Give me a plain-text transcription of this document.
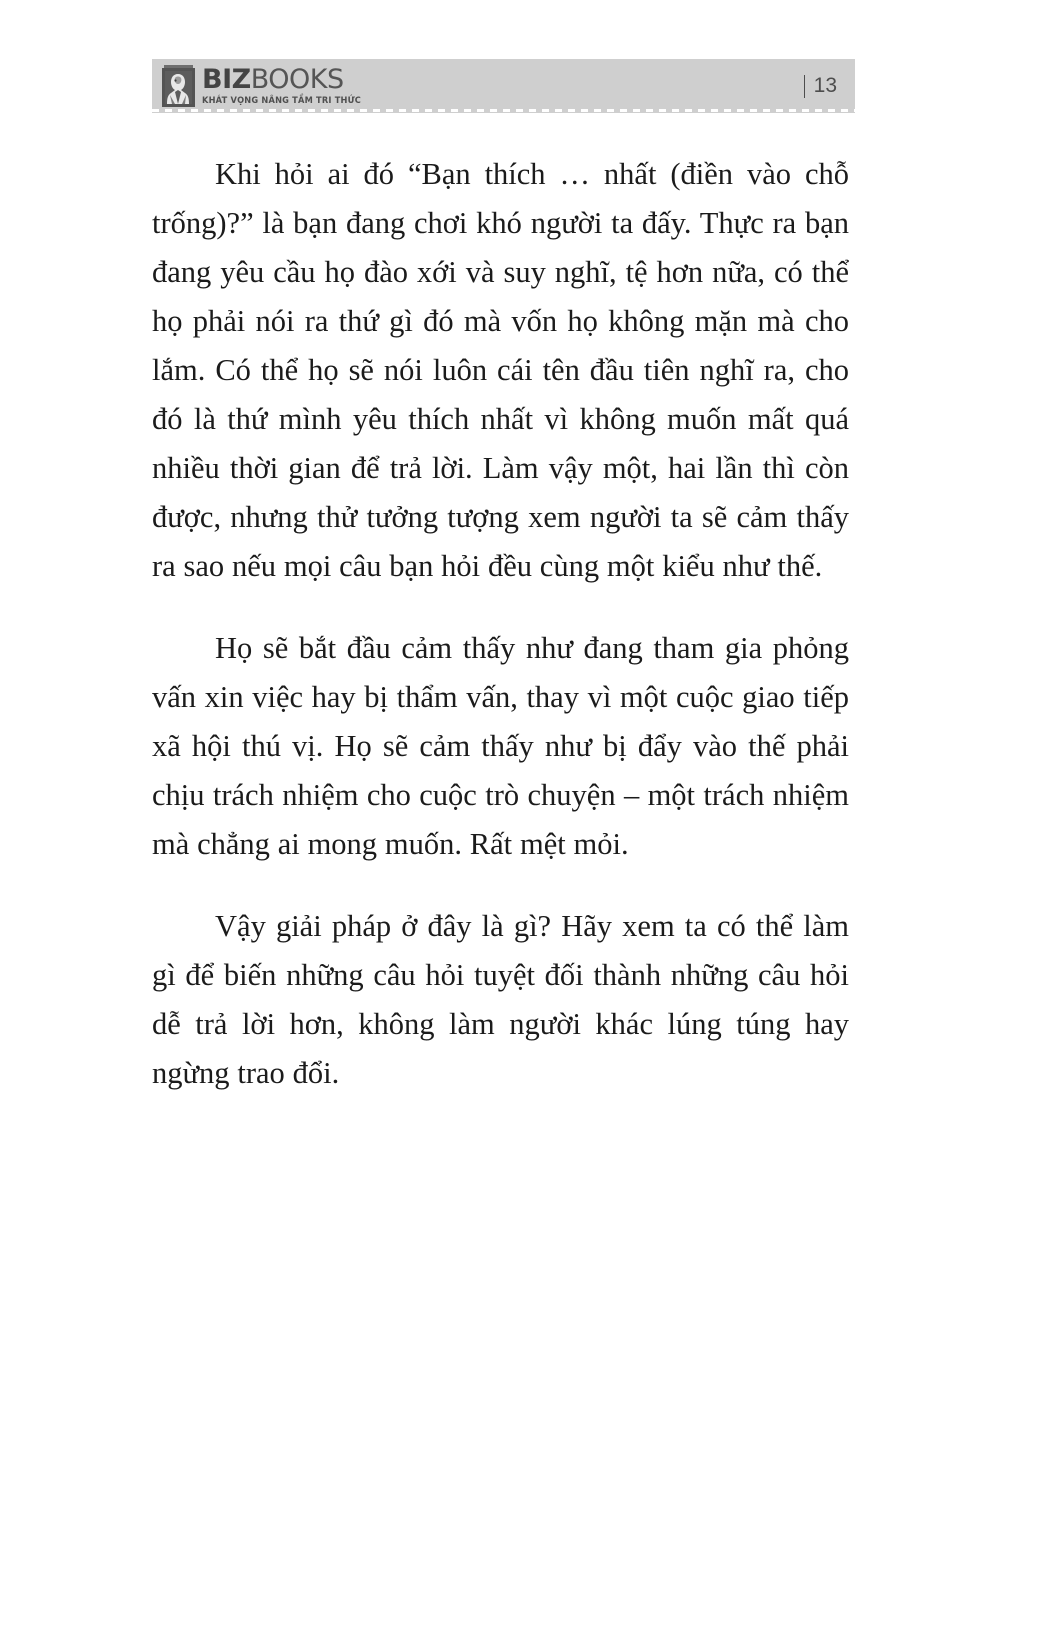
BIZBOOKS
KHÁT VỌNG NÂNG TẦM TRI THỨC
13

Khi hỏi ai đó “Bạn thích … nhất (điền vào chỗ trống)?” là bạn đang chơi khó người ta đấy. Thực ra bạn đang yêu cầu họ đào xới và suy nghĩ, tệ hơn nữa, có thể họ phải nói ra thứ gì đó mà vốn họ không mặn mà cho lắm. Có thể họ sẽ nói luôn cái tên đầu tiên nghĩ ra, cho đó là thứ mình yêu thích nhất vì không muốn mất quá nhiều thời gian để trả lời. Làm vậy một, hai lần thì còn được, nhưng thử tưởng tượng xem người ta sẽ cảm thấy ra sao nếu mọi câu bạn hỏi đều cùng một kiểu như thế.

Họ sẽ bắt đầu cảm thấy như đang tham gia phỏng vấn xin việc hay bị thẩm vấn, thay vì một cuộc giao tiếp xã hội thú vị. Họ sẽ cảm thấy như bị đẩy vào thế phải chịu trách nhiệm cho cuộc trò chuyện – một trách nhiệm mà chẳng ai mong muốn. Rất mệt mỏi.

Vậy giải pháp ở đây là gì? Hãy xem ta có thể làm gì để biến những câu hỏi tuyệt đối thành những câu hỏi dễ trả lời hơn, không làm người khác lúng túng hay ngừng trao đổi.
